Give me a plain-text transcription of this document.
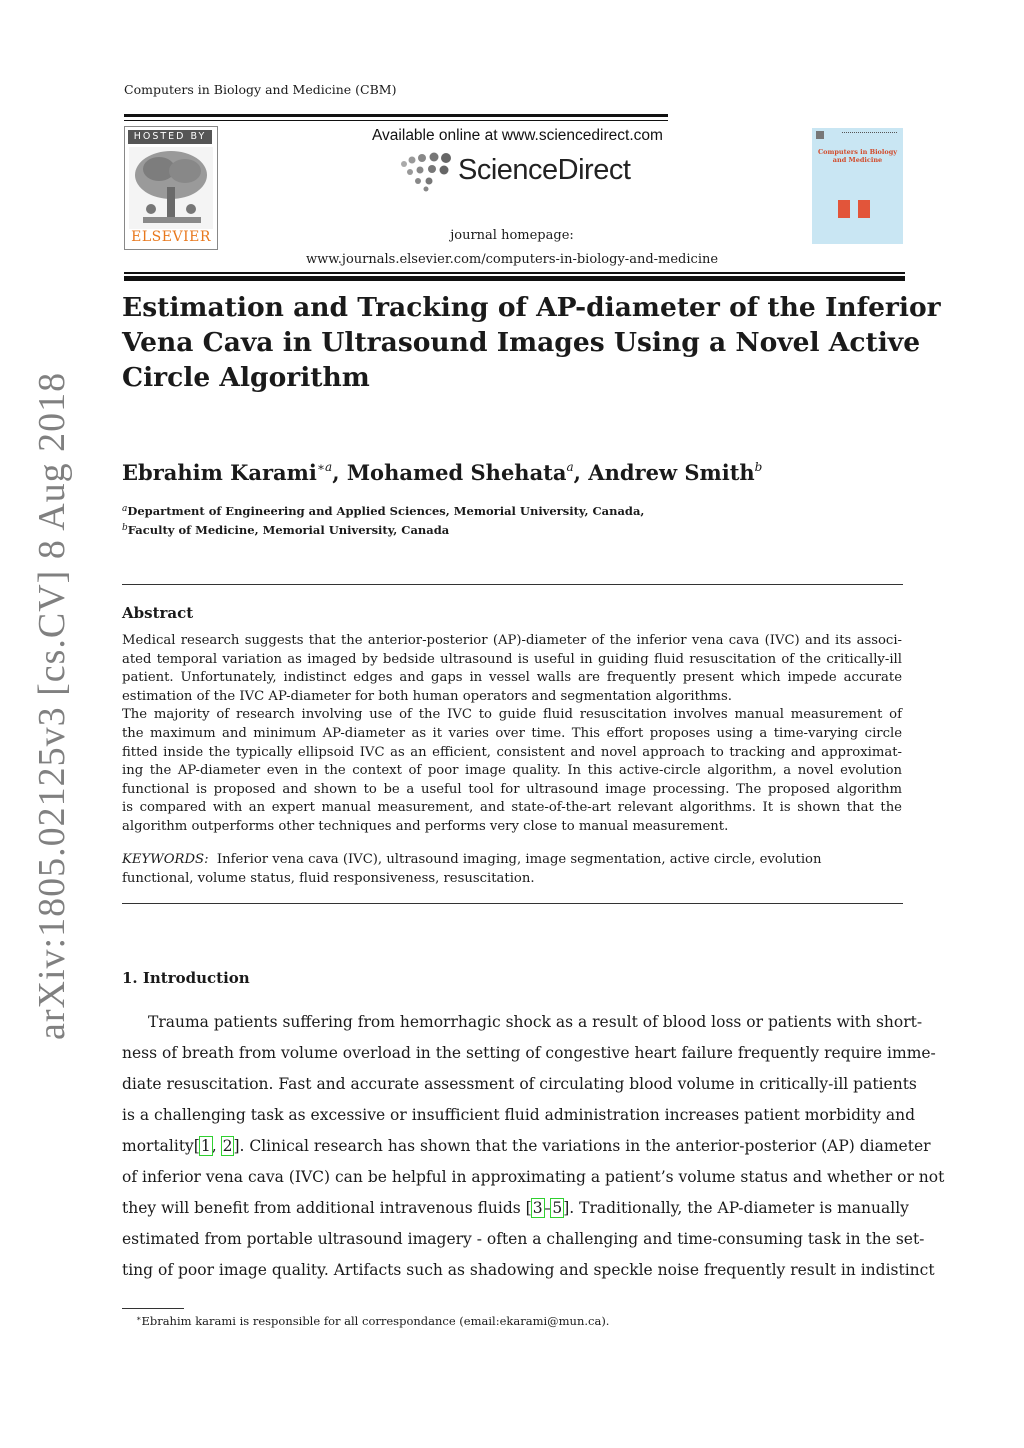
Computers in Biology and Medicine (CBM)
HOSTED BY
ELSEVIER
Available online at www.sciencedirect.com
ScienceDirect
journal homepage:
www.journals.elsevier.com/computers-in-biology-and-medicine
Computers in Biology and Medicine
Estimation and Tracking of AP-diameter of the Inferior
Vena Cava in Ultrasound Images Using a Novel Active
Circle Algorithm
Ebrahim Karami$^{∗a}$, Mohamed Shehata$^a$, Andrew Smith$^b$
$^a$Department of Engineering and Applied Sciences, Memorial University, Canada,
$^b$Faculty of Medicine, Memorial University, Canada
Abstract
Medical research suggests that the anterior-posterior (AP)-diameter of the inferior vena cava (IVC) and its associ-
ated temporal variation as imaged by bedside ultrasound is useful in guiding fluid resuscitation of the critically-ill
patient. Unfortunately, indistinct edges and gaps in vessel walls are frequently present which impede accurate
estimation of the IVC AP-diameter for both human operators and segmentation algorithms.
The majority of research involving use of the IVC to guide fluid resuscitation involves manual measurement of
the maximum and minimum AP-diameter as it varies over time. This effort proposes using a time-varying circle
fitted inside the typically ellipsoid IVC as an efficient, consistent and novel approach to tracking and approximat-
ing the AP-diameter even in the context of poor image quality. In this active-circle algorithm, a novel evolution
functional is proposed and shown to be a useful tool for ultrasound image processing. The proposed algorithm
is compared with an expert manual measurement, and state-of-the-art relevant algorithms. It is shown that the
algorithm outperforms other techniques and performs very close to manual measurement.
KEYWORDS: Inferior vena cava (IVC), ultrasound imaging, image segmentation, active circle, evolution
functional, volume status, fluid responsiveness, resuscitation.
1. Introduction
Trauma patients suffering from hemorrhagic shock as a result of blood loss or patients with short-
ness of breath from volume overload in the setting of congestive heart failure frequently require imme-
diate resuscitation. Fast and accurate assessment of circulating blood volume in critically-ill patients
is a challenging task as excessive or insufficient fluid administration increases patient morbidity and
mortality[1, 2]. Clinical research has shown that the variations in the anterior-posterior (AP) diameter
of inferior vena cava (IVC) can be helpful in approximating a patient’s volume status and whether or not
they will benefit from additional intravenous fluids [3–5]. Traditionally, the AP-diameter is manually
estimated from portable ultrasound imagery - often a challenging and time-consuming task in the set-
ting of poor image quality. Artifacts such as shadowing and speckle noise frequently result in indistinct
∗Ebrahim karami is responsible for all correspondance (email:ekarami@mun.ca).
arXiv:1805.02125v3 [cs.CV] 8 Aug 2018
